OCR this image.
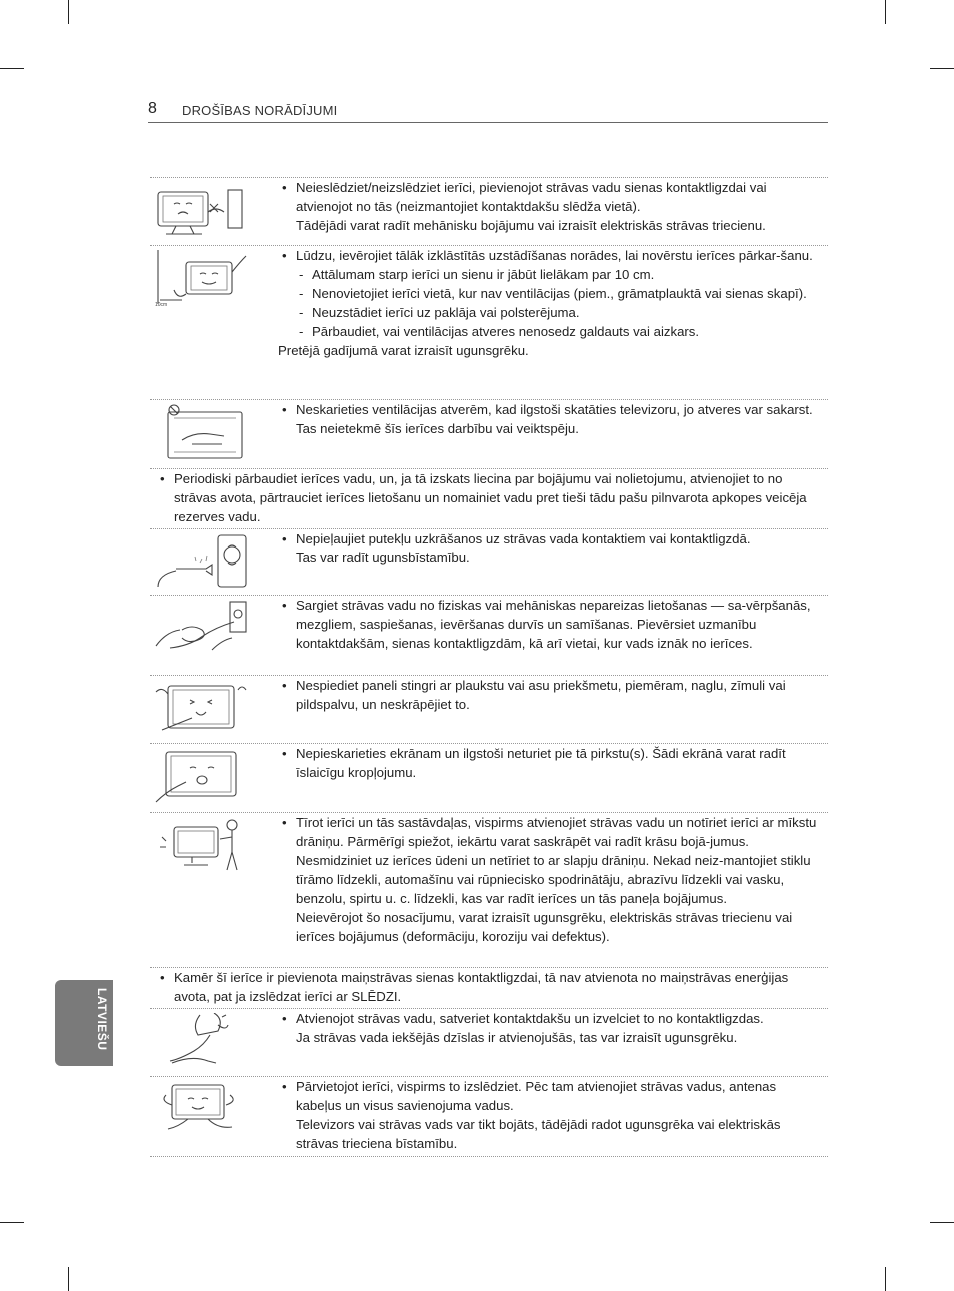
8 DROŠĪBAS NORĀDĪJUMI
LATVIEŠU
• Neieslēdziet/neizslēdziet ierīci, pievienojot strāvas vadu sienas kontaktligzdai vai atvienojot no tās (neizmantojiet kontaktdakšu slēdža vietā).
Tādējādi varat radīt mehānisku bojājumu vai izraisīt elektriskās strāvas triecienu.
10cm
• Lūdzu, ievērojiet tālāk izklāstītās uzstādīšanas norādes, lai novērstu ierīces pārkar-šanu.
- Attālumam starp ierīci un sienu ir jābūt lielākam par 10 cm.
- Nenovietojiet ierīci vietā, kur nav ventilācijas (piem., grāmatplauktā vai sienas skapī).
- Neuzstādiet ierīci uz paklāja vai polsterējuma.
- Pārbaudiet, vai ventilācijas atveres nenosedz galdauts vai aizkars.
Pretējā gadījumā varat izraisīt ugunsgrēku.
• Neskarieties ventilācijas atverēm, kad ilgstoši skatāties televizoru, jo atveres var sakarst. Tas neietekmē šīs ierīces darbību vai veiktspēju.
• Periodiski pārbaudiet ierīces vadu, un, ja tā izskats liecina par bojājumu vai nolietojumu, atvienojiet to no strāvas avota, pārtrauciet ierīces lietošanu un nomainiet vadu pret tieši tādu pašu pilnvarota apkopes veicēja rezerves vadu.
• Nepieļaujiet putekļu uzkrāšanos uz strāvas vada kontaktiem vai kontaktligzdā.
Tas var radīt ugunsbīstamību.
• Sargiet strāvas vadu no fiziskas vai mehāniskas nepareizas lietošanas — sa-vērpšanās, mezgliem, saspiešanas, ievēršanas durvīs un samīšanas. Pievērsiet uzmanību kontaktdakšām, sienas kontaktligzdām, kā arī vietai, kur vads iznāk no ierīces.
• Nespiediet paneli stingri ar plaukstu vai asu priekšmetu, piemēram, naglu, zīmuli vai pildspalvu, un neskrāpējiet to.
• Nepieskarieties ekrānam un ilgstoši neturiet pie tā pirkstu(s). Šādi ekrānā varat radīt īslaicīgu kropļojumu.
• Tīrot ierīci un tās sastāvdaļas, vispirms atvienojiet strāvas vadu un notīriet ierīci ar mīkstu drāniņu. Pārmērīgi spiežot, iekārtu varat saskrāpēt vai radīt krāsu bojā-jumus. Nesmidziniet uz ierīces ūdeni un netīriet to ar slapju drāniņu. Nekad neiz-mantojiet stiklu tīrāmo līdzekli, automašīnu vai rūpniecisko spodrinātāju, abrazīvu līdzekli vai vasku, benzolu, spirtu u. c. līdzekli, kas var radīt ierīces un tās paneļa bojājumus.
Neievērojot šo nosacījumu, varat izraisīt ugunsgrēku, elektriskās strāvas triecienu vai ierīces bojājumus (deformāciju, koroziju vai defektus).
• Kamēr šī ierīce ir pievienota maiņstrāvas sienas kontaktligzdai, tā nav atvienota no maiņstrāvas enerģijas avota, pat ja izslēdzat ierīci ar SLĒDZI.
• Atvienojot strāvas vadu, satveriet kontaktdakšu un izvelciet to no kontaktligzdas.
Ja strāvas vada iekšējās dzīslas ir atvienojušās, tas var izraisīt ugunsgrēku.
• Pārvietojot ierīci, vispirms to izslēdziet. Pēc tam atvienojiet strāvas vadus, antenas kabeļus un visus savienojuma vadus.
Televizors vai strāvas vads var tikt bojāts, tādējādi radot ugunsgrēka vai elektriskās strāvas trieciena bīstamību.
